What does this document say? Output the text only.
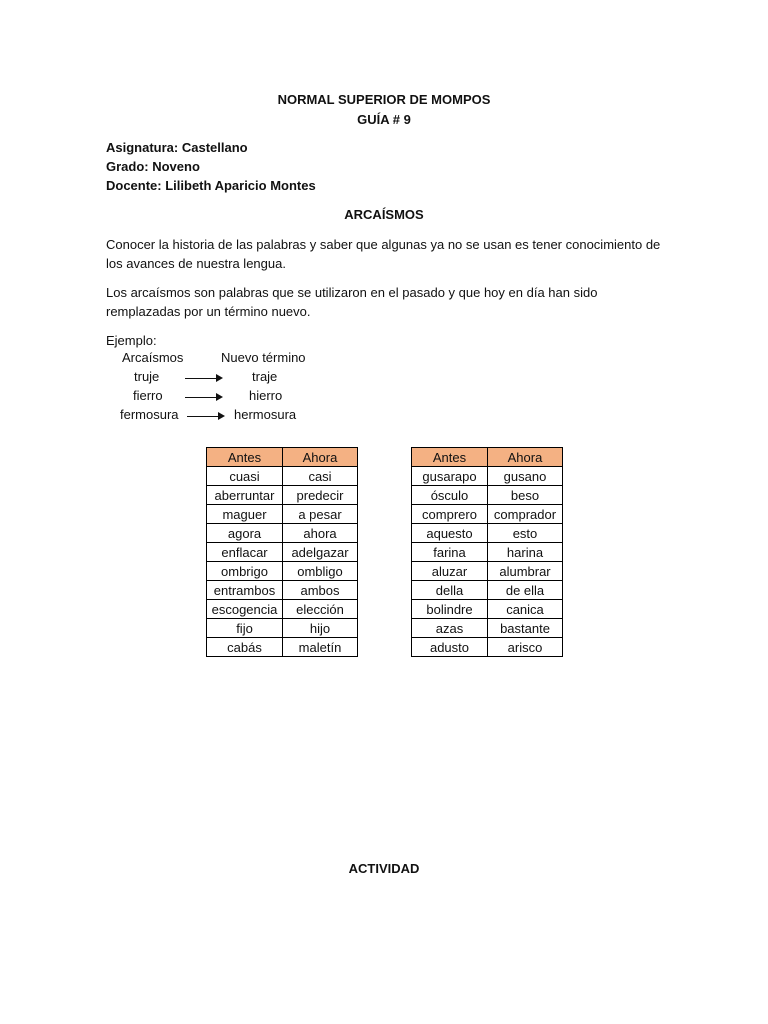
NORMAL SUPERIOR DE MOMPOS
GUÍA # 9
Asignatura: Castellano
Grado: Noveno
Docente: Lilibeth Aparicio Montes
ARCAÍSMOS
Conocer la historia de las palabras y saber que algunas ya no se usan es tener conocimiento de los avances de nuestra lengua.
Los arcaísmos son palabras que se utilizaron en el pasado y que hoy en día han sido remplazadas por un término nuevo.
Ejemplo:
Arcaísmos	Nuevo término
truje	traje
fierro	hierro
fermosura	hermosura
Antes	Ahora
cuasi	casi
aberruntar	predecir
maguer	a pesar
agora	ahora
enflacar	adelgazar
ombrigo	ombligo
entrambos	ambos
escogencia	elección
fijo	hijo
cabás	maletín
Antes	Ahora
gusarapo	gusano
ósculo	beso
comprero	comprador
aquesto	esto
farina	harina
aluzar	alumbrar
della	de ella
bolindre	canica
azas	bastante
adusto	arisco
ACTIVIDAD
